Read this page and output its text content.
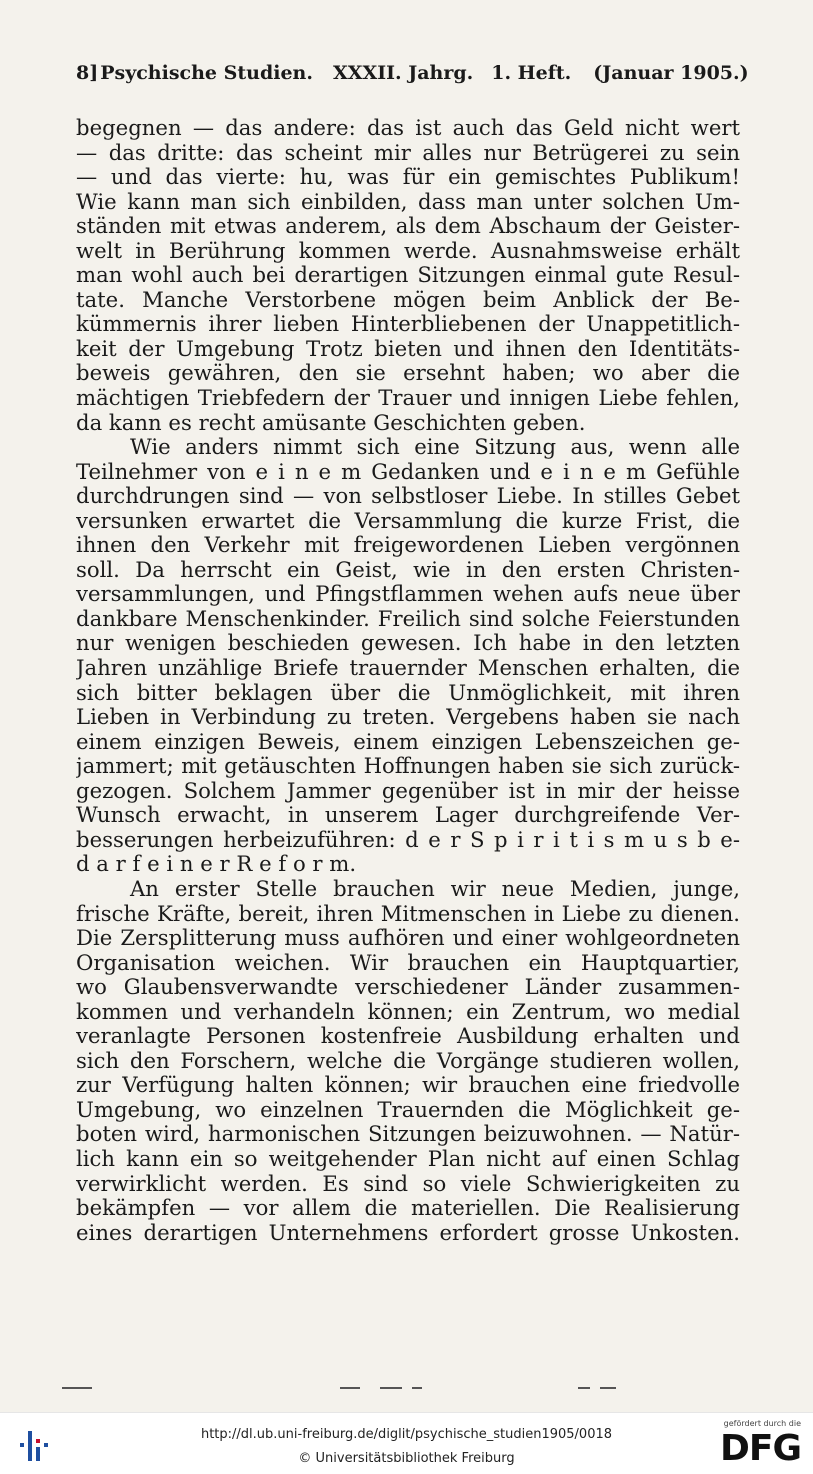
8] Psychische Studien. XXXII. Jahrg. 1. Heft. (Januar 1905.)
begegnen — das andere: das ist auch das Geld nicht wert
— das dritte: das scheint mir alles nur Betrügerei zu sein
— und das vierte: hu, was für ein gemischtes Publikum!
Wie kann man sich einbilden, dass man unter solchen Um-
ständen mit etwas anderem, als dem Abschaum der Geister-
welt in Berührung kommen werde. Ausnahmsweise erhält
man wohl auch bei derartigen Sitzungen einmal gute Resul-
tate. Manche Verstorbene mögen beim Anblick der Be-
kümmernis ihrer lieben Hinterbliebenen der Unappetitlich-
keit der Umgebung Trotz bieten und ihnen den Identitäts-
beweis gewähren, den sie ersehnt haben; wo aber die
mächtigen Triebfedern der Trauer und innigen Liebe fehlen,
da kann es recht amüsante Geschichten geben.
Wie anders nimmt sich eine Sitzung aus, wenn alle
Teilnehmer von e i n e m Gedanken und e i n e m Gefühle
durchdrungen sind — von selbstloser Liebe. In stilles Gebet
versunken erwartet die Versammlung die kurze Frist, die
ihnen den Verkehr mit freigewordenen Lieben vergönnen
soll. Da herrscht ein Geist, wie in den ersten Christen-
versammlungen, und Pfingstflammen wehen aufs neue über
dankbare Menschenkinder. Freilich sind solche Feierstunden
nur wenigen beschieden gewesen. Ich habe in den letzten
Jahren unzählige Briefe trauernder Menschen erhalten, die
sich bitter beklagen über die Unmöglichkeit, mit ihren
Lieben in Verbindung zu treten. Vergebens haben sie nach
einem einzigen Beweis, einem einzigen Lebenszeichen ge-
jammert; mit getäuschten Hoffnungen haben sie sich zurück-
gezogen. Solchem Jammer gegenüber ist in mir der heisse
Wunsch erwacht, in unserem Lager durchgreifende Ver-
besserungen herbeizuführen: d e r S p i r i t i s m u s b e-
d a r f e i n e r R e f o r m.
An erster Stelle brauchen wir neue Medien, junge,
frische Kräfte, bereit, ihren Mitmenschen in Liebe zu dienen.
Die Zersplitterung muss aufhören und einer wohlgeordneten
Organisation weichen. Wir brauchen ein Hauptquartier,
wo Glaubensverwandte verschiedener Länder zusammen-
kommen und verhandeln können; ein Zentrum, wo medial
veranlagte Personen kostenfreie Ausbildung erhalten und
sich den Forschern, welche die Vorgänge studieren wollen,
zur Verfügung halten können; wir brauchen eine friedvolle
Umgebung, wo einzelnen Trauernden die Möglichkeit ge-
boten wird, harmonischen Sitzungen beizuwohnen. — Natür-
lich kann ein so weitgehender Plan nicht auf einen Schlag
verwirklicht werden. Es sind so viele Schwierigkeiten zu
bekämpfen — vor allem die materiellen. Die Realisierung
eines derartigen Unternehmens erfordert grosse Unkosten.
http://dl.ub.uni-freiburg.de/diglit/psychische_studien1905/0018
© Universitätsbibliothek Freiburg
gefördert durch die
DFG
